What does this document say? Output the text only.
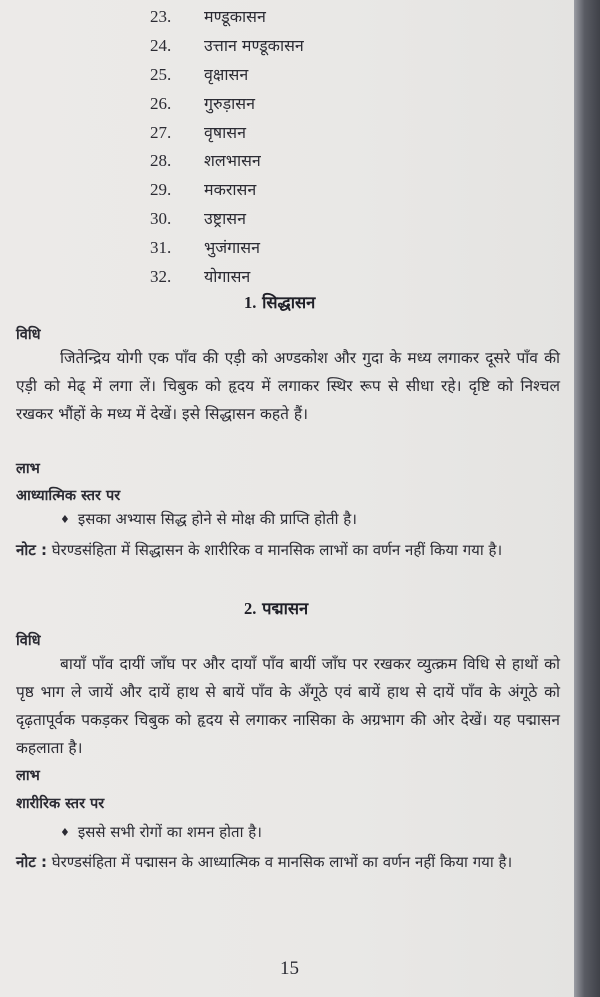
23. मण्डूकासन
24. उत्तान मण्डूकासन
25. वृक्षासन
26. गुरुड़ासन
27. वृषासन
28. शलभासन
29. मकरासन
30. उष्ट्रासन
31. भुजंगासन
32. योगासन
1. सिद्धासन
विधि

जितेन्द्रिय योगी एक पाँव की एड़ी को अण्डकोश और गुदा के मध्य लगाकर दूसरे पाँव की एड़ी को मेढ् में लगा लें। चिबुक को हृदय में लगाकर स्थिर रूप से सीधा रहे। दृष्टि को निश्चल रखकर भौंहों के मध्य में देखें। इसे सिद्धासन कहते हैं।

लाभ
आध्यात्मिक स्तर पर
♦ इसका अभ्यास सिद्ध होने से मोक्ष की प्राप्ति होती है।

नोट : घेरण्डसंहिता में सिद्धासन के शारीरिक व मानसिक लाभों का वर्णन नहीं किया गया है।

2. पद्मासन
विधि

बायाँ पाँव दायीं जाँघ पर और दायाँ पाँव बायीं जाँघ पर रखकर व्युत्क्रम विधि से हाथों को पृष्ठ भाग ले जायें और दायें हाथ से बायें पाँव के अँगूठे एवं बायें हाथ से दायें पाँव के अंगूठे को दृढ़तापूर्वक पकड़कर चिबुक को हृदय से लगाकर नासिका के अग्रभाग की ओर देखें। यह पद्मासन कहलाता है।

लाभ
शारीरिक स्तर पर
♦ इससे सभी रोगों का शमन होता है।

नोट : घेरण्डसंहिता में पद्मासन के आध्यात्मिक व मानसिक लाभों का वर्णन नहीं किया गया है।

15
